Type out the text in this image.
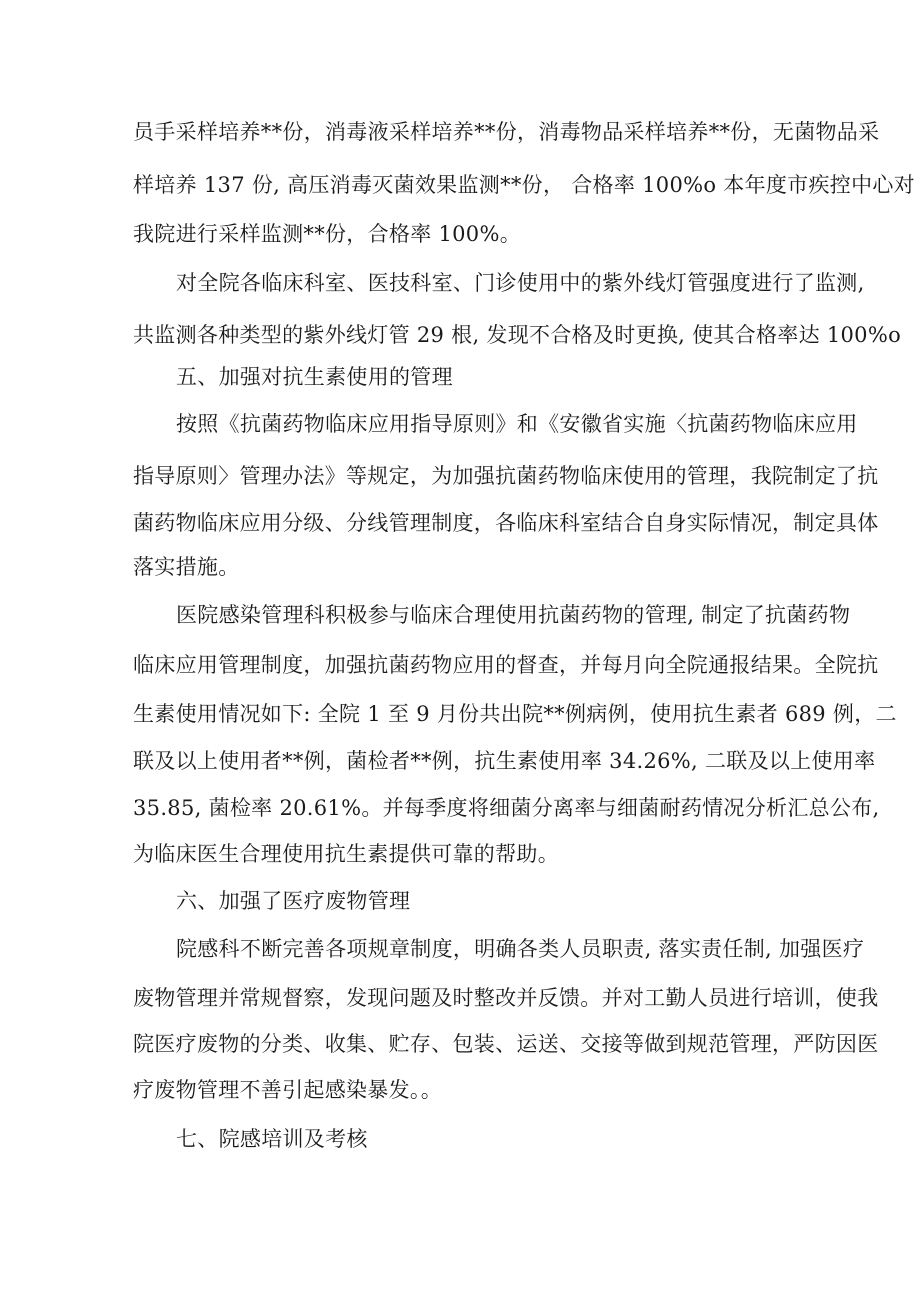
员手采样培养**份，消毒液采样培养**份，消毒物品采样培养**份，无菌物品采

样培养 137 份, 高压消毒灭菌效果监测**份， 合格率 100%o 本年度市疾控中心对

我院进行采样监测**份，合格率 100%。

对全院各临床科室、医技科室、门诊使用中的紫外线灯管强度进行了监测,

共监测各种类型的紫外线灯管 29 根, 发现不合格及时更换, 使其合格率达 100%o

五、加强对抗生素使用的管理

按照《抗菌药物临床应用指导原则》和《安徽省实施〈抗菌药物临床应用

指导原则〉管理办法》等规定，为加强抗菌药物临床使用的管理，我院制定了抗

菌药物临床应用分级、分线管理制度，各临床科室结合自身实际情况，制定具体

落实措施。

医院感染管理科积极参与临床合理使用抗菌药物的管理, 制定了抗菌药物

临床应用管理制度，加强抗菌药物应用的督查，并每月向全院通报结果。全院抗

生素使用情况如下: 全院 1 至 9 月份共出院**例病例，使用抗生素者 689 例，二

联及以上使用者**例，菌检者**例，抗生素使用率 34.26%, 二联及以上使用率

35.85, 菌检率 20.61%。并每季度将细菌分离率与细菌耐药情况分析汇总公布,

为临床医生合理使用抗生素提供可靠的帮助。

六、加强了医疗废物管理

院感科不断完善各项规章制度，明确各类人员职责, 落实责任制, 加强医疗

废物管理并常规督察，发现问题及时整改并反馈。并对工勤人员进行培训，使我

院医疗废物的分类、收集、贮存、包装、运送、交接等做到规范管理，严防因医

疗废物管理不善引起感染暴发。。

七、院感培训及考核
